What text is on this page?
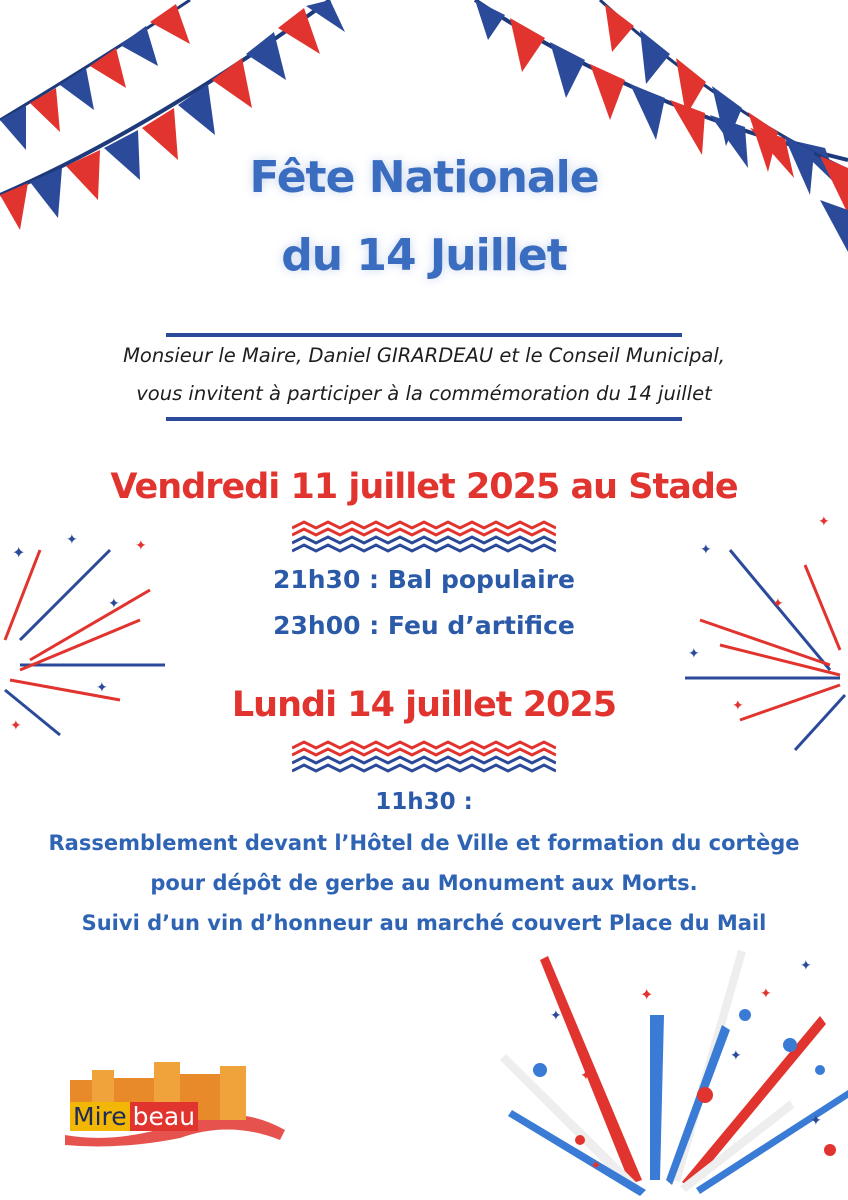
Fête Nationale
du 14 Juillet
Monsieur le Maire, Daniel GIRARDEAU et le Conseil Municipal,
vous invitent à participer à la commémoration du 14 juillet
Vendredi 11 juillet 2025 au Stade
21h30 : Bal populaire
23h00 : Feu d’artifice
✦
✦	✦
✦
✦
✦
✦
✦
✦
✦
✦
Lundi 14 juillet 2025
11h30 :
Rassemblement devant l’Hôtel de Ville et formation du cortège
pour dépôt de gerbe au Monument aux Morts.
Suivi d’un vin d’honneur au marché couvert Place du Mail
✦
✦
✦
✦
✦
✦
✦
✦
Mire beau
